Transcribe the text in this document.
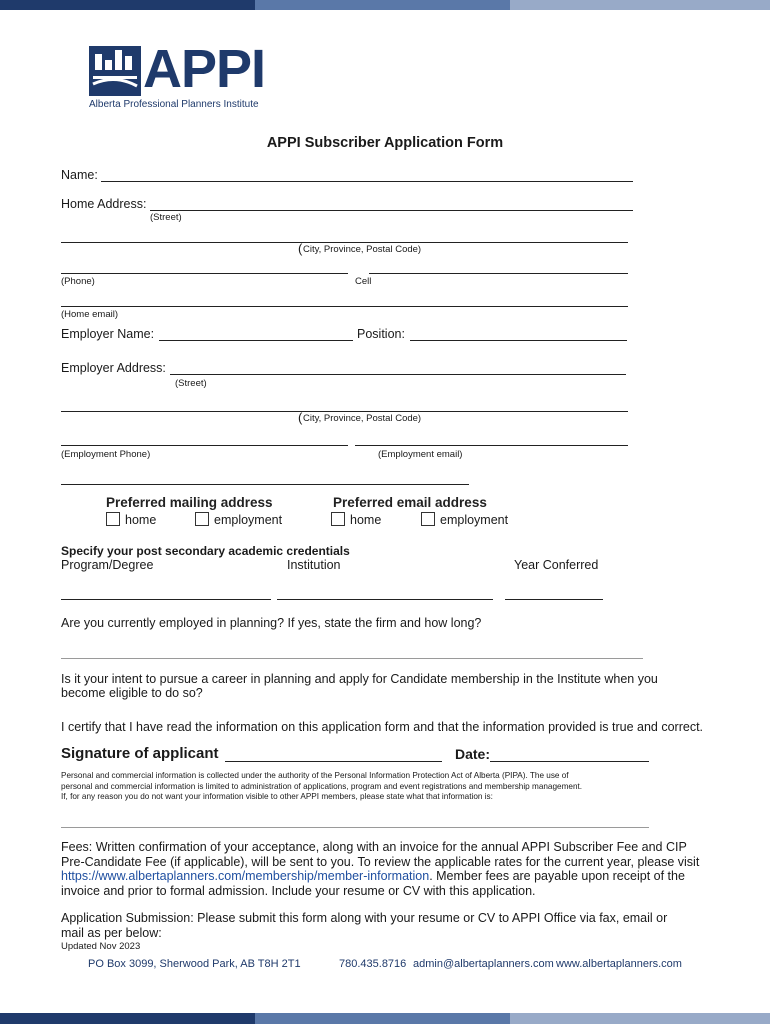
APPI
Alberta Professional Planners Institute
APPI Subscriber Application Form
Name:
Home Address:
(Street)
( City, Province, Postal Code)
(Phone)	Cell
(Home email)
Employer Name:	Position:
Employer Address:
(Street)
( City, Province, Postal Code)
(Employment Phone)	(Employment email)
Preferred mailing address	Preferred email address
home	employment	home	employment
Specify your post secondary academic credentials
Program/Degree	Institution	Year Conferred
Are you currently employed in planning? If yes, state the firm and how long?
Is it your intent to pursue a career in planning and apply for Candidate membership in the Institute when you
become eligible to do so?
I certify that I have read the information on this application form and that the information provided is true and correct.
Signature of applicant	Date:
Personal and commercial information is collected under the authority of the Personal Information Protection Act of Alberta (PIPA). The use of
personal and commercial information is limited to administration of applications, program and event registrations and membership management.
If, for any reason you do not want your information visible to other APPI members, please state what that information is:
Fees: Written confirmation of your acceptance, along with an invoice for the annual APPI Subscriber Fee and CIP
Pre-Candidate Fee (if applicable), will be sent to you. To review the applicable rates for the current year, please visit
https://www.albertaplanners.com/membership/member-information. Member fees are payable upon receipt of the
invoice and prior to formal admission. Include your resume or CV with this application.
Application Submission: Please submit this form along with your resume or CV to APPI Office via fax, email or
mail as per below:
Updated Nov 2023
PO Box 3099, Sherwood Park, AB T8H 2T1	780.435.8716 admin@albertaplanners.com www.albertaplanners.com
